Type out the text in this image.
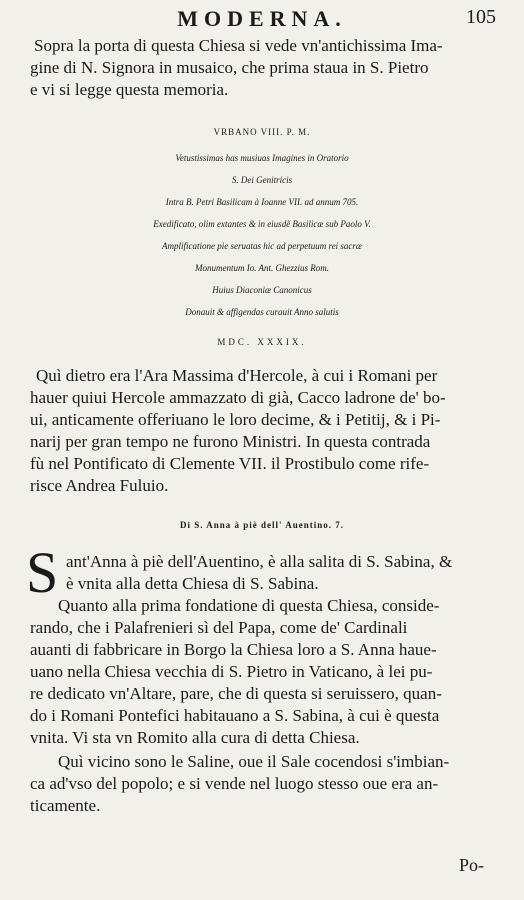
MODERNA.	105
Sopra la porta di questa Chiesa si vede vn'antichissima Ima-
gine di N. Signora in musaico, che prima staua in S. Pietro
e vi si legge questa memoria.
VRBANO VIII. P. M.
Vetustissimas has musiuas Imagines in Oratorio
S. Dei Genitricis
Intra B. Petri Basilicam à Ioanne VII. ad annum 705.
Exedificato, olim extantes & in eiusdẽ Basilicæ sub Paolo V.
Amplificatione pie seruatas hic ad perpetuum rei sacræ
Monumentum Io. Ant. Ghezzius Rom.
Huius Diaconiæ Canonicus
Donauit & affigendas curauit Anno salutis
MDC. XXXIX.
Quì dietro era l'Ara Massima d'Hercole, à cui i Romani per
hauer quiui Hercole ammazzato di già, Cacco ladrone de' bo-
ui, anticamente offeriuano le loro decime, & i Petitij, & i Pi-
narij per gran tempo ne furono Ministri. In questa contrada
fù nel Pontificato di Clemente VII. il Prostibulo come rife-
risce Andrea Fuluio.
Di S. Anna à piè dell' Auentino. 7.
S ant'Anna à piè dell'Auentino, è alla salita di S. Sabina, &
è vnita alla detta Chiesa di S. Sabina.
Quanto alla prima fondatione di questa Chiesa, conside-
rando, che i Palafrenieri sì del Papa, come de' Cardinali
auanti di fabbricare in Borgo la Chiesa loro a S. Anna haue-
uano nella Chiesa vecchia di S. Pietro in Vaticano, à lei pu-
re dedicato vn'Altare, pare, che di questa si seruissero, quan-
do i Romani Pontefici habitauano a S. Sabina, à cui è questa
vnita. Vi sta vn Romito alla cura di detta Chiesa.
Quì vicino sono le Saline, oue il Sale cocendosi s'imbian-
ca ad'vso del popolo; e si vende nel luogo stesso oue era an-
ticamente.
Po-
